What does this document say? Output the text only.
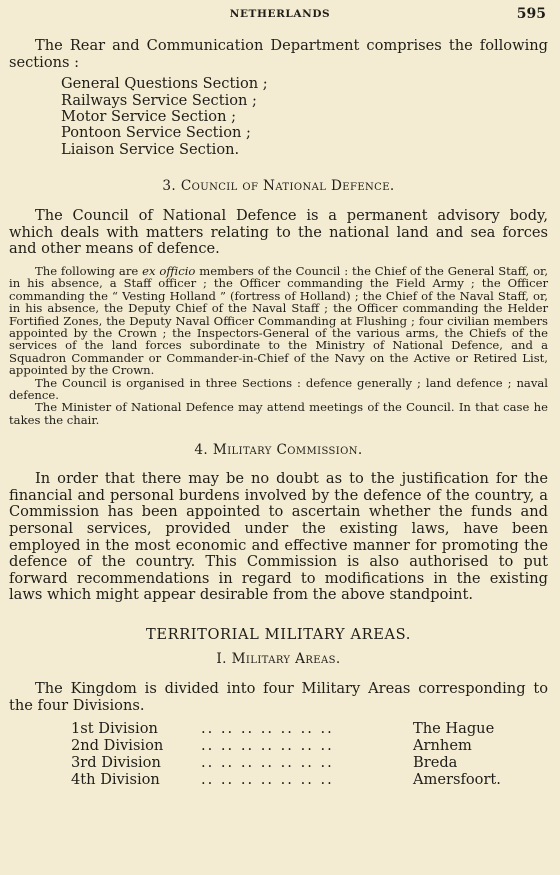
NETHERLANDS	595

The Rear and Communication Department comprises the following sections :

General Questions Section ;
Railways Service Section ;
Motor Service Section ;
Pontoon Service Section ;
Liaison Service Section.

3. Council of National Defence.

The Council of National Defence is a permanent advisory body, which deals with matters relating to the national land and sea forces and other means of defence.

The following are ex officio members of the Council : the Chief of the General Staff, or, in his absence, a Staff officer ; the Officer commanding the Field Army ; the Officer commanding the “ Vesting Holland ” (fortress of Holland) ; the Chief of the Naval Staff, or, in his absence, the Deputy Chief of the Naval Staff ; the Officer commanding the Helder Fortified Zones, the Deputy Naval Officer Commanding at Flushing ; four civilian members appointed by the Crown ; the Inspectors-General of the various arms, the Chiefs of the services of the land forces subordinate to the Ministry of National Defence, and a Squadron Commander or Commander-in-Chief of the Navy on the Active or Retired List, appointed by the Crown.

The Council is organised in three Sections : defence generally ; land defence ; naval defence.

The Minister of National Defence may attend meetings of the Council. In that case he takes the chair.

4. Military Commission.

In order that there may be no doubt as to the justification for the financial and personal burdens involved by the defence of the country, a Commission has been appointed to ascertain whether the funds and personal services, provided under the existing laws, have been employed in the most economic and effective manner for promoting the defence of the country. This Commission is also authorised to put forward recommendations in regard to modifications in the existing laws which might appear desirable from the above standpoint.

TERRITORIAL MILITARY AREAS.

I. Military Areas.

The Kingdom is divided into four Military Areas corresponding to the four Divisions.

1st Division	.. .. .. .. .. .. ..	The Hague
2nd Division	.. .. .. .. .. .. ..	Arnhem
3rd Division	.. .. .. .. .. .. ..	Breda
4th Division	.. .. .. .. .. .. ..	Amersfoort.
